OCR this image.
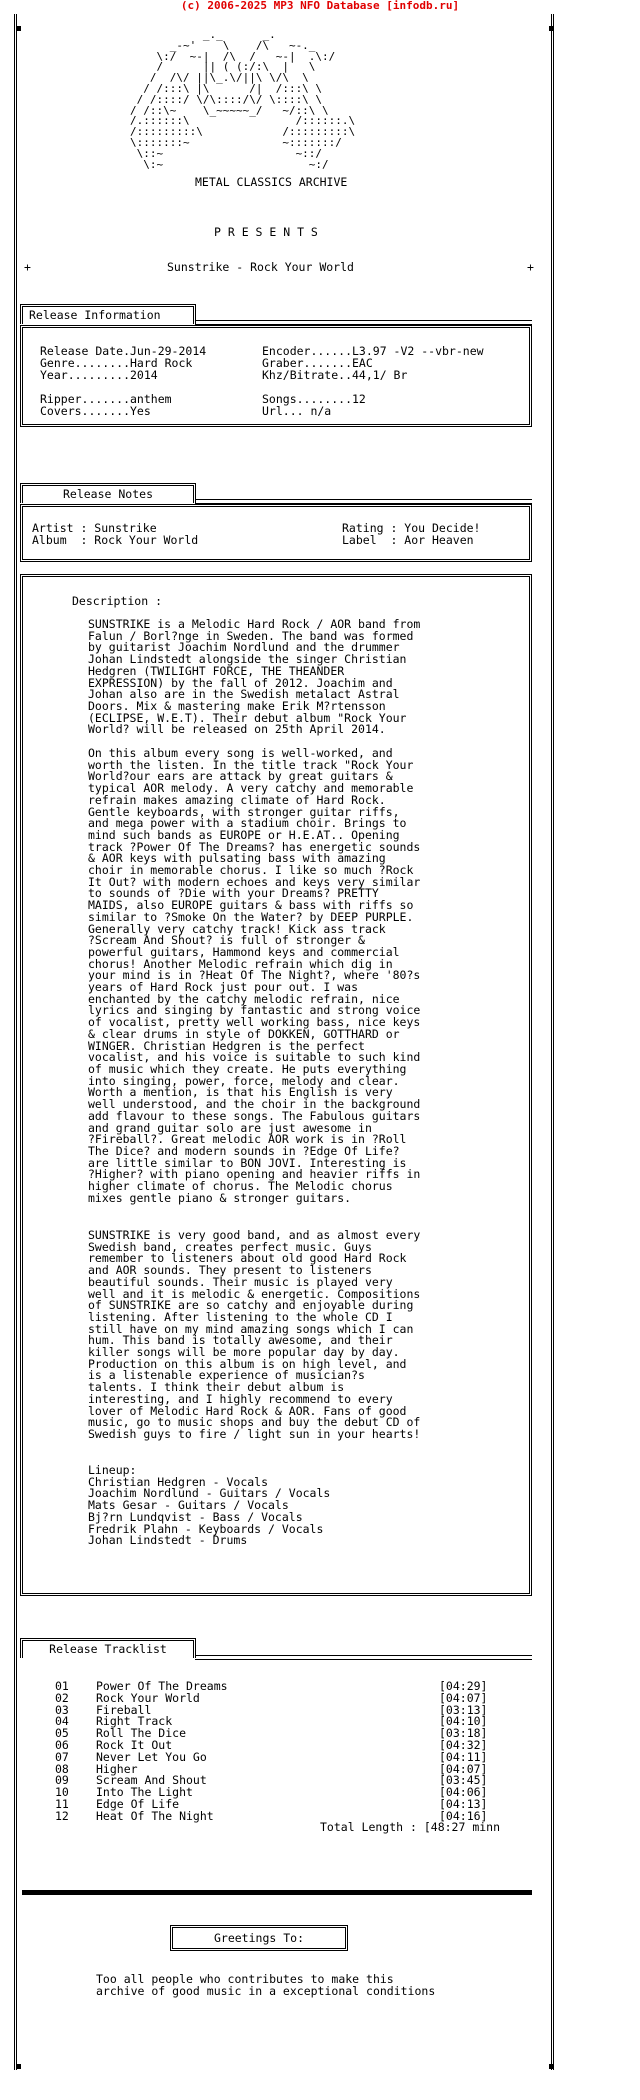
(c) 2006-2025 MP3 NFO Database [infodb.ru]
_._      _.
_-~'    \    /\   ~-._
\:/  ~-|  /\  /   ~-|  .\:/
/      || ( (:/:\  |   \
/  /\/ ||\_.\/||\ \/\  \
/ /:::\ |\      /|  /:::\ \
/ /::::/ \/\::::/\/ \::::\ \
/ /::\~    \_~~~~~_/   ~/::\ \
/.::::::\                /::::::.\
/:::::::::\            /:::::::::\
\:::::::~              ~:::::::/
\::~                    ~::/
\:~                      ~:/
METAL CLASSICS ARCHIVE
P R E S E N T S
+	Sunstrike - Rock Your World	+
Release Information
Release Date.Jun-29-2014
Genre........Hard Rock
Year.........2014
Ripper.......anthem
Covers.......Yes
Encoder......L3.97 -V2 --vbr-new
Graber.......EAC
Khz/Bitrate..44,1/ Br
Songs........12
Url... n/a
Release Notes
Artist : Sunstrike
Album  : Rock Your World
Rating : You Decide!
Label  : Aor Heaven
Description :
SUNSTRIKE is a Melodic Hard Rock / AOR band from
Falun / Borl?nge in Sweden. The band was formed
by guitarist Joachim Nordlund and the drummer
Johan Lindstedt alongside the singer Christian
Hedgren (TWILIGHT FORCE, THE THEANDER
EXPRESSION) by the fall of 2012. Joachim and
Johan also are in the Swedish metalact Astral
Doors. Mix & mastering make Erik M?rtensson
(ECLIPSE, W.E.T). Their debut album "Rock Your
World? will be released on 25th April 2014.
On this album every song is well-worked, and
worth the listen. In the title track "Rock Your
World?our ears are attack by great guitars &
typical AOR melody. A very catchy and memorable
refrain makes amazing climate of Hard Rock.
Gentle keyboards, with stronger guitar riffs,
and mega power with a stadium choir. Brings to
mind such bands as EUROPE or H.E.AT.. Opening
track ?Power Of The Dreams? has energetic sounds
& AOR keys with pulsating bass with amazing
choir in memorable chorus. I like so much ?Rock
It Out? with modern echoes and keys very similar
to sounds of ?Die with your Dreams? PRETTY
MAIDS, also EUROPE guitars & bass with riffs so
similar to ?Smoke On the Water? by DEEP PURPLE.
Generally very catchy track! Kick ass track
?Scream And Shout? is full of stronger &
powerful guitars, Hammond keys and commercial
chorus! Another Melodic refrain which dig in
your mind is in ?Heat Of The Night?, where '80?s
years of Hard Rock just pour out. I was
enchanted by the catchy melodic refrain, nice
lyrics and singing by fantastic and strong voice
of vocalist, pretty well working bass, nice keys
& clear drums in style of DOKKEN, GOTTHARD or
WINGER. Christian Hedgren is the perfect
vocalist, and his voice is suitable to such kind
of music which they create. He puts everything
into singing, power, force, melody and clear.
Worth a mention, is that his English is very
well understood, and the choir in the background
add flavour to these songs. The Fabulous guitars
and grand guitar solo are just awesome in
?Fireball?. Great melodic AOR work is in ?Roll
The Dice? and modern sounds in ?Edge Of Life?
are little similar to BON JOVI. Interesting is
?Higher? with piano opening and heavier riffs in
higher climate of chorus. The Melodic chorus
mixes gentle piano & stronger guitars.
SUNSTRIKE is very good band, and as almost every
Swedish band, creates perfect music. Guys
remember to listeners about old good Hard Rock
and AOR sounds. They present to listeners
beautiful sounds. Their music is played very
well and it is melodic & energetic. Compositions
of SUNSTRIKE are so catchy and enjoyable during
listening. After listening to the whole CD I
still have on my mind amazing songs which I can
hum. This band is totally awesome, and their
killer songs will be more popular day by day.
Production on this album is on high level, and
is a listenable experience of musician?s
talents. I think their debut album is
interesting, and I highly recommend to every
lover of Melodic Hard Rock & AOR. Fans of good
music, go to music shops and buy the debut CD of
Swedish guys to fire / light sun in your hearts!
Lineup:
Christian Hedgren - Vocals
Joachim Nordlund - Guitars / Vocals
Mats Gesar - Guitars / Vocals
Bj?rn Lundqvist - Bass / Vocals
Fredrik Plahn - Keyboards / Vocals
Johan Lindstedt - Drums
Release Tracklist
01 Power Of The Dreams	[04:29]
02 Rock Your World	[04:07]
03 Fireball	[03:13]
04 Right Track	[04:10]
05 Roll The Dice	[03:18]
06 Rock It Out	[04:32]
07 Never Let You Go	[04:11]
08 Higher	[04:07]
09 Scream And Shout	[03:45]
10 Into The Light	[04:06]
11 Edge Of Life	[04:13]
12 Heat Of The Night	[04:16]
Total Length : [48:27 minn
Greetings To:
Too all people who contributes to make this
archive of good music in a exceptional conditions
